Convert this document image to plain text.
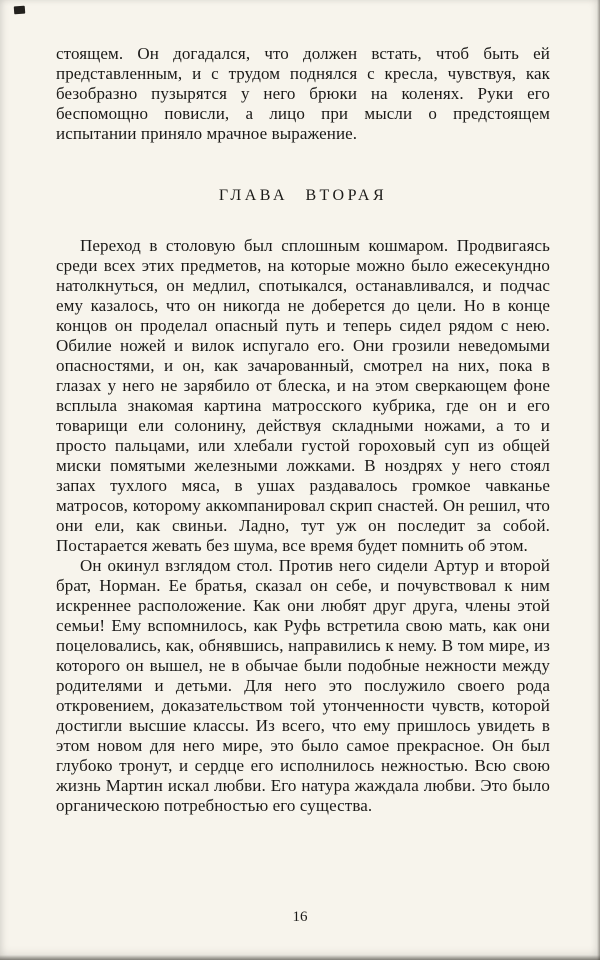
стоящем. Он догадался, что должен встать, чтоб быть ей представленным, и с трудом поднялся с кресла, чувствуя, как безобразно пузырятся у него брюки на коленях. Руки его беспомощно повисли, а лицо при мысли о предстоящем испытании приняло мрачное выражение.

ГЛАВА ВТОРАЯ

Переход в столовую был сплошным кошмаром. Продвигаясь среди всех этих предметов, на которые можно было ежесекундно натолкнуться, он медлил, спотыкался, останавливался, и подчас ему казалось, что он никогда не доберется до цели. Но в конце концов он проделал опасный путь и теперь сидел рядом с нею. Обилие ножей и вилок испугало его. Они грозили неведомыми опасностями, и он, как зачарованный, смотрел на них, пока в глазах у него не зарябило от блеска, и на этом сверкающем фоне всплыла знакомая картина матросского кубрика, где он и его товарищи ели солонину, действуя складными ножами, а то и просто пальцами, или хлебали густой гороховый суп из общей миски помятыми железными ложками. В ноздрях у него стоял запах тухлого мяса, в ушах раздавалось громкое чавканье матросов, которому аккомпанировал скрип снастей. Он решил, что они ели, как свиньи. Ладно, тут уж он последит за собой. Постарается жевать без шума, все время будет помнить об этом.

Он окинул взглядом стол. Против него сидели Артур и второй брат, Норман. Ее братья, сказал он себе, и почувствовал к ним искреннее расположение. Как они любят друг друга, члены этой семьи! Ему вспомнилось, как Руфь встретила свою мать, как они поцеловались, как, обнявшись, направились к нему. В том мире, из которого он вышел, не в обычае были подобные нежности между родителями и детьми. Для него это послужило своего рода откровением, доказательством той утонченности чувств, которой достигли высшие классы. Из всего, что ему пришлось увидеть в этом новом для него мире, это было самое прекрасное. Он был глубоко тронут, и сердце его исполнилось нежностью. Всю свою жизнь Мартин искал любви. Его натура жаждала любви. Это было органическою потребностью его существа.

16
